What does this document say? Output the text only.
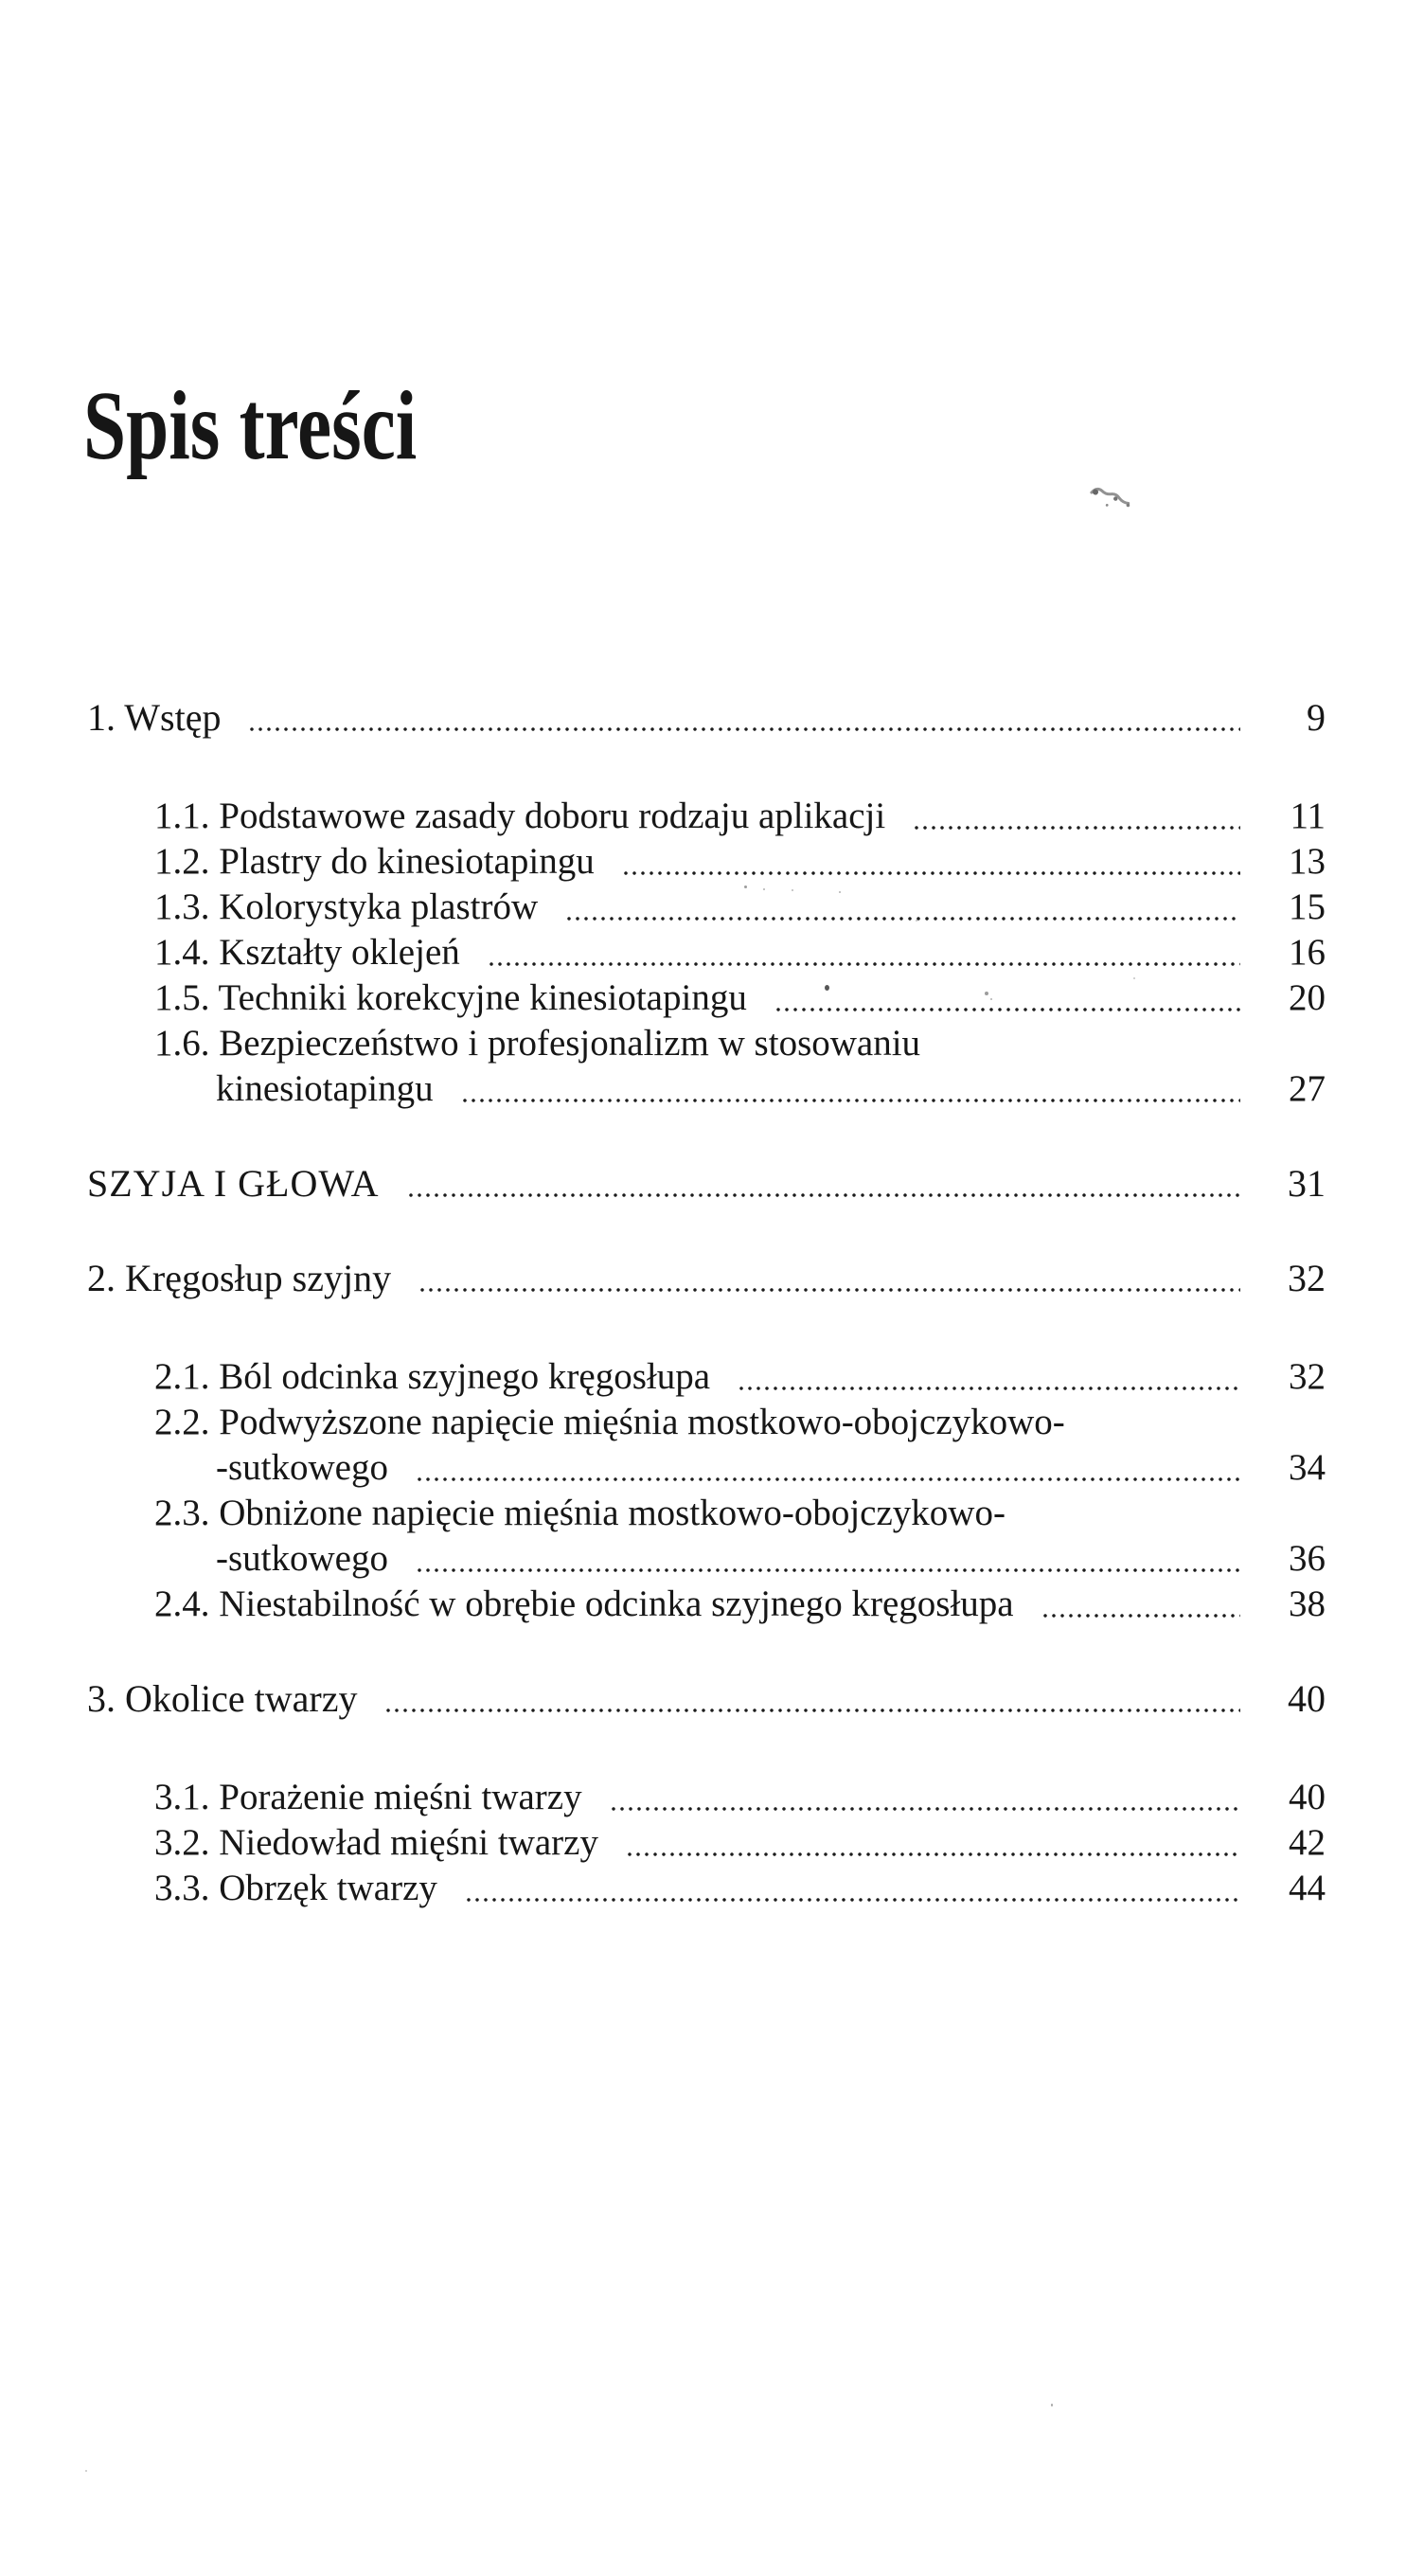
Spis treści
1. Wstęp	9
1.1. Podstawowe zasady doboru rodzaju aplikacji	11
1.2. Plastry do kinesiotapingu	13
1.3. Kolorystyka plastrów	15
1.4. Kształty oklejeń	16
1.5. Techniki korekcyjne kinesiotapingu	20
1.6. Bezpieczeństwo i profesjonalizm w stosowaniu
kinesiotapingu	27
SZYJA I GŁOWA	31
2. Kręgosłup szyjny	32
2.1. Ból odcinka szyjnego kręgosłupa	32
2.2. Podwyższone napięcie mięśnia mostkowo-obojczykowo-
-sutkowego	34
2.3. Obniżone napięcie mięśnia mostkowo-obojczykowo-
-sutkowego	36
2.4. Niestabilność w obrębie odcinka szyjnego kręgosłupa	38
3. Okolice twarzy	40
3.1. Porażenie mięśni twarzy	40
3.2. Niedowład mięśni twarzy	42
3.3. Obrzęk twarzy	44
